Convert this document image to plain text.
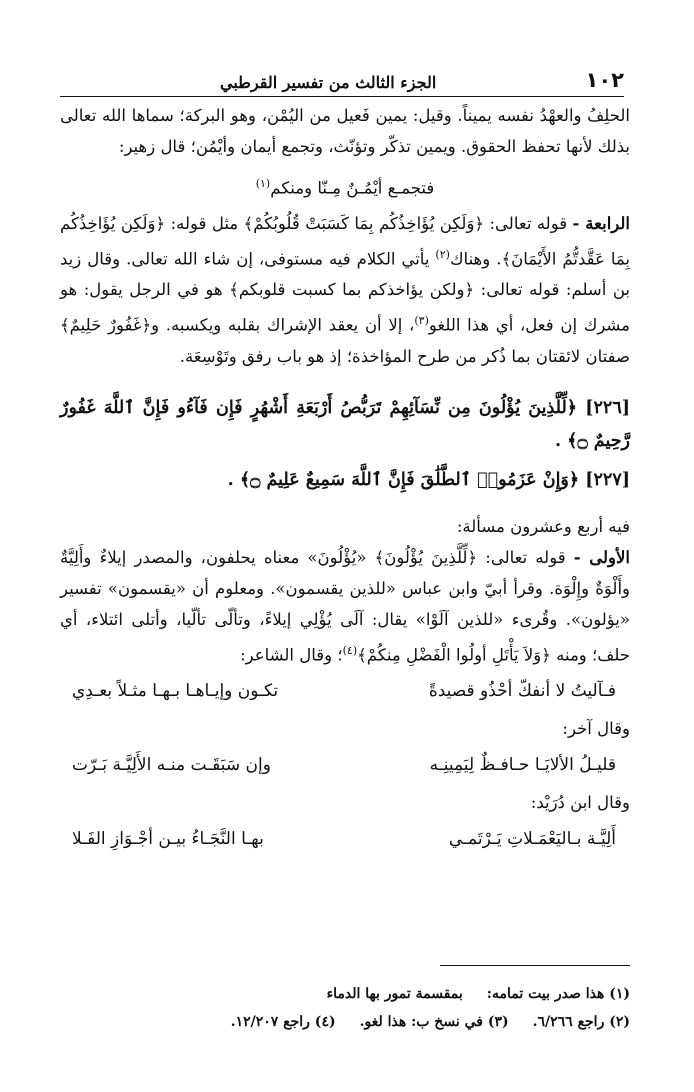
١٠٢
الجزء الثالث من تفسير القرطبي

الحلِفُ والعهْدُ نفسه يميناً. وقيل: يمين فَعيل من اليُمْن، وهو البركة؛ سماها الله تعالى بذلك لأنها تحفظ الحقوق. ويمين تذكّر وتؤنّث، وتجمع أيمان وأيْمُن؛ قال زهير:

فتجمـع أيْمُـنٌ مِـنّا ومنكم$^{(١)}$

الرابعة - قوله تعالى: ﴿وَلَكِن يُؤَاخِذُكُم بِمَا كَسَبَتْ قُلُوبُكُمْ﴾ مثل قوله: ﴿وَلَكِن يُؤَاخِذُكُم بِمَا عَقَّدتُّمُ الأَيْمَانَ﴾. وهناك$^{(٢)}$ يأتي الكلام فيه مستوفى، إن شاء الله تعالى. وقال زيد بن أسلم: قوله تعالى: ﴿ولكن يؤاخذكم بما كسبت قلوبكم﴾ هو في الرجل يقول: هو مشرك إن فعل، أي هذا اللغو$^{(٣)}$، إلا أن يعقد الإشراك بقلبه ويكسبه. و﴿غَفُورٌ حَلِيمٌ﴾ صفتان لائقتان بما ذُكر من طرح المؤاخذة؛ إذ هو باب رفق وتَوْسِعَة.

[٢٢٦] ﴿لِّلَّذِينَ يُؤْلُونَ مِن نِّسَآئِهِمْ تَرَبُّصُ أَرْبَعَةِ أَشْهُرٍ فَإِن فَآءُو فَإِنَّ ٱللَّهَ غَفُورٌ رَّحِيمٌ ۝﴾ .

[٢٢٧] ﴿وَإِنْ عَزَمُوا۟ ٱلطَّلَٰقَ فَإِنَّ ٱللَّهَ سَمِيعٌ عَلِيمٌ ۝﴾ .

فيه أربع وعشرون مسألة:

الأولى - قوله تعالى: ﴿لِّلَّذِينَ يُؤْلُونَ﴾ «يُؤْلُونَ» معناه يحلفون، والمصدر إيلاءٌ وأَلِيَّةٌ وأَلْوَةٌ وإِلْوَة. وقرأ أبيّ وابن عباس «للذين يقسمون». ومعلوم أن «يقسمون» تفسير «يؤلون». وقُرىء «للذين آلَوْا» يقال: آلَى يُؤْلِي إيلاءً، وتألّى تألّيا، وأتلى ائتلاء، أي حلف؛ ومنه ﴿وَلاَ يَأْتَلِ أولُوا الْفَضْلِ مِنكُمْ﴾$^{(٤)}$؛ وقال الشاعر:

فـآليتُ لا أنفكّ أحْذُو قصيدةً
تكـون وإيـاهـا بـهـا مثـلاً بعـدِي

وقال آخر:

قليـلُ الألايَـا حـافـظٌ لِيَمِينِـه
وإن سَبَقَـت منـه الأَلِيَّـة بَـرّت

وقال ابن دُرَيْد:

أَلِيَّـة بـاليَعْمَـلاتِ يَـرْتَمـي
بهـا النَّجَـاءُ بيـن أجْـوَازِ الفَـلا
(١) هذا صدر بيت تمامه:
بمقسمة تمور بها الدماء
(٢) راجع ٦/٢٦٦.
(٣) في نسخ ب: هذا لغو.
(٤) راجع ١٢/٢٠٧.
